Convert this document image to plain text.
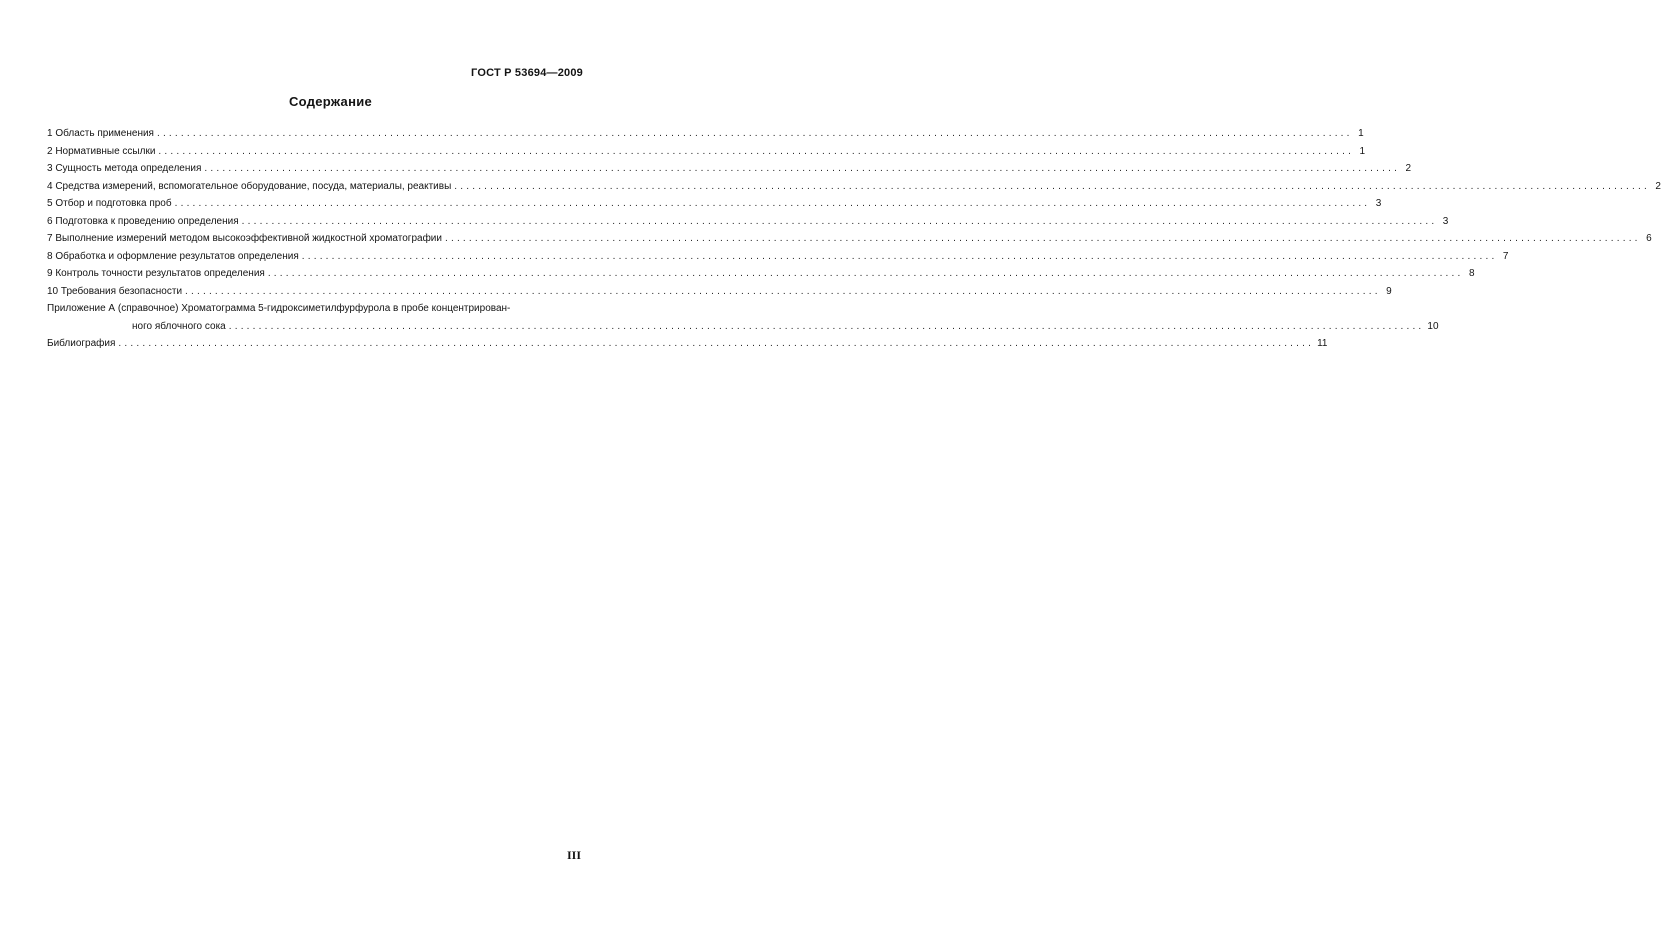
ГОСТ Р 53694—2009
Содержание
1 Область применения ........................................................................................................................................................................................................ 1
2 Нормативные ссылки ........................................................................................................................................................................................................ 1
3 Сущность метода определения ........................................................................................................................................................................................................ 2
4 Средства измерений, вспомогательное оборудование, посуда, материалы, реактивы ........................................................................................................................................................................................................ 2
5 Отбор и подготовка проб ........................................................................................................................................................................................................ 3
6 Подготовка к проведению определения ........................................................................................................................................................................................................ 3
7 Выполнение измерений методом высокоэффективной жидкостной хроматографии ........................................................................................................................................................................................................ 6
8 Обработка и оформление результатов определения ........................................................................................................................................................................................................ 7
9 Контроль точности результатов определения ........................................................................................................................................................................................................ 8
10 Требования безопасности ........................................................................................................................................................................................................ 9
Приложение А (справочное) Хроматограмма 5-гидроксиметилфурфурола в пробе концентрирован-
ного яблочного сока ........................................................................................................................................................................................................ 10
Библиография ........................................................................................................................................................................................................ 11
III
